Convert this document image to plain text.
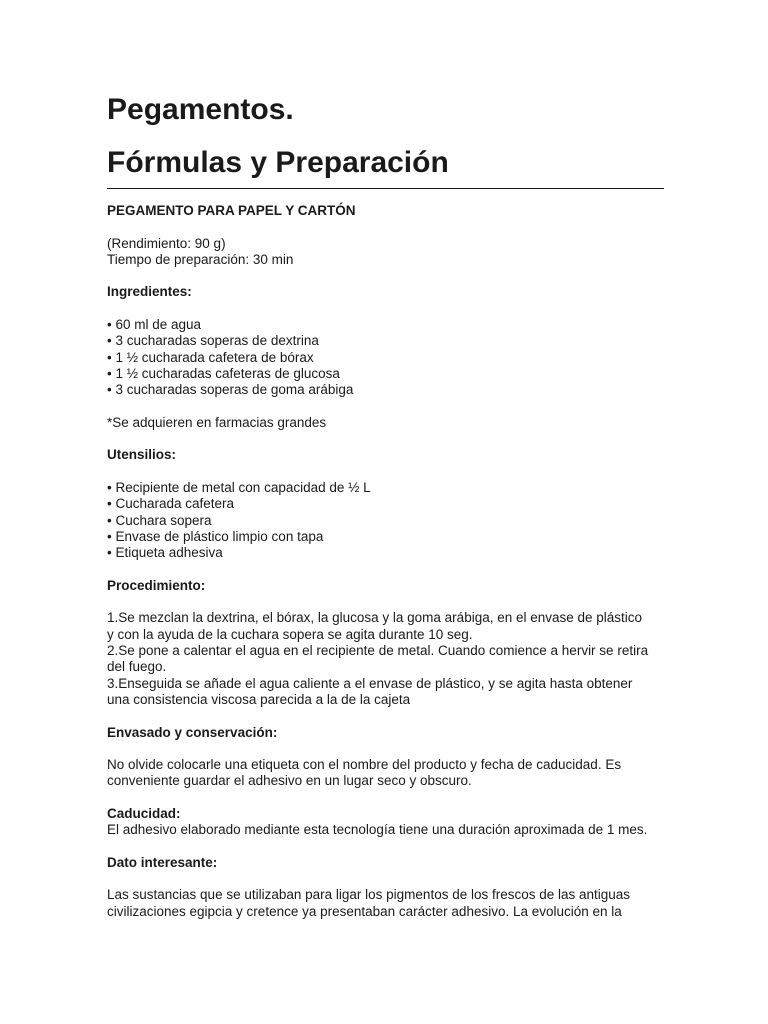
Pegamentos.
Fórmulas y Preparación

PEGAMENTO PARA PAPEL Y CARTÓN

(Rendimiento: 90 g)

Tiempo de preparación: 30 min

Ingredientes:

• 60 ml de agua

• 3 cucharadas soperas de dextrina

• 1 ½ cucharada cafetera de bórax

• 1 ½ cucharadas cafeteras de glucosa

• 3 cucharadas soperas de goma arábiga

*Se adquieren en farmacias grandes

Utensilios:

• Recipiente de metal con capacidad de ½ L

• Cucharada cafetera

• Cuchara sopera

• Envase de plástico limpio con tapa

• Etiqueta adhesiva

Procedimiento:

1.Se mezclan la dextrina, el bórax, la glucosa y la goma arábiga, en el envase de plástico

y con la ayuda de la cuchara sopera se agita durante 10 seg.

2.Se pone a calentar el agua en el recipiente de metal. Cuando comience a hervir se retira

del fuego.

3.Enseguida se añade el agua caliente a el envase de plástico, y se agita hasta obtener

una consistencia viscosa parecida a la de la cajeta

Envasado y conservación:

No olvide colocarle una etiqueta con el nombre del producto y fecha de caducidad. Es

conveniente guardar el adhesivo en un lugar seco y obscuro.

Caducidad:

El adhesivo elaborado mediante esta tecnología tiene una duración aproximada de 1 mes.

Dato interesante:

Las sustancias que se utilizaban para ligar los pigmentos de los frescos de las antiguas

civilizaciones egipcia y cretence ya presentaban carácter adhesivo. La evolución en la
